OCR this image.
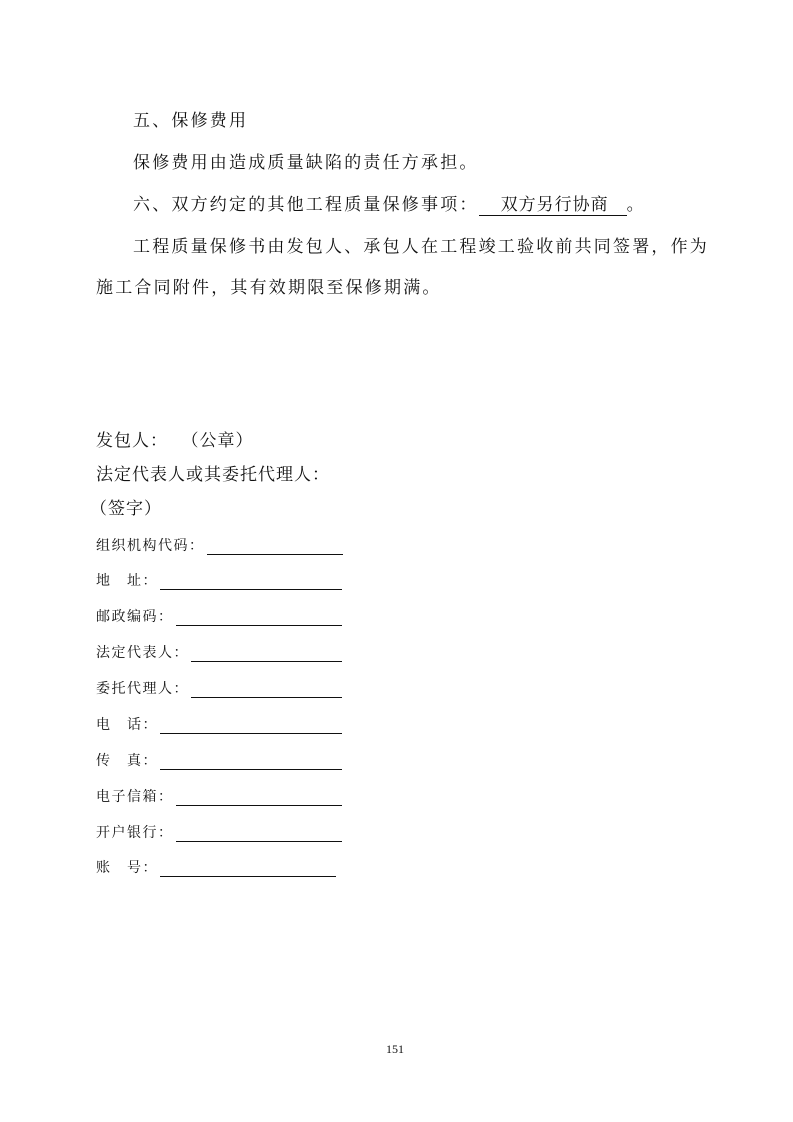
五、保修费用
保修费用由造成质量缺陷的责任方承担。
六、双方约定的其他工程质量保修事项： 双方另行协商 。
工程质量保修书由发包人、承包人在工程竣工验收前共同签署，作为
施工合同附件，其有效期限至保修期满。
发包人： （公章）
法定代表人或其委托代理人：
（签字）
组织机构代码：
地　址：
邮政编码：
法定代表人：
委托代理人：
电　话：
传　真：
电子信箱：
开户银行：
账　号：
151
